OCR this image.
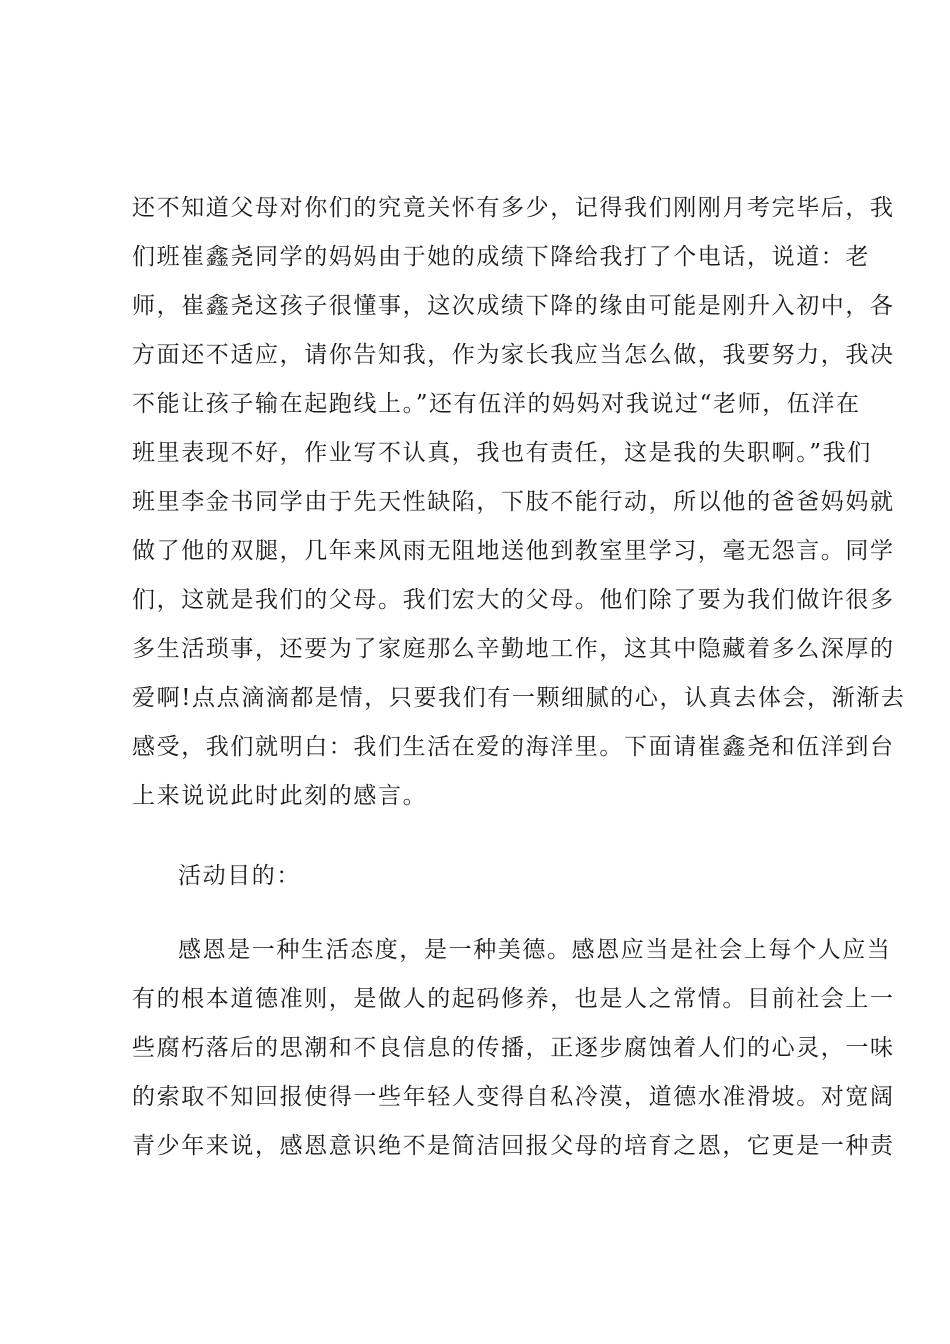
还不知道父母对你们的究竟关怀有多少，记得我们刚刚月考完毕后，我
们班崔鑫尧同学的妈妈由于她的成绩下降给我打了个电话，说道：老
师，崔鑫尧这孩子很懂事，这次成绩下降的缘由可能是刚升入初中，各
方面还不适应，请你告知我，作为家长我应当怎么做，我要努力，我决
不能让孩子输在起跑线上。”还有伍洋的妈妈对我说过“老师，伍洋在
班里表现不好，作业写不认真，我也有责任，这是我的失职啊。”我们
班里李金书同学由于先天性缺陷，下肢不能行动，所以他的爸爸妈妈就
做了他的双腿，几年来风雨无阻地送他到教室里学习，毫无怨言。同学
们，这就是我们的父母。我们宏大的父母。他们除了要为我们做许很多
多生活琐事，还要为了家庭那么辛勤地工作，这其中隐藏着多么深厚的
爱啊!点点滴滴都是情，只要我们有一颗细腻的心，认真去体会，渐渐去
感受，我们就明白：我们生活在爱的海洋里。下面请崔鑫尧和伍洋到台
上来说说此时此刻的感言。
活动目的：
感恩是一种生活态度，是一种美德。感恩应当是社会上每个人应当
有的根本道德准则，是做人的起码修养，也是人之常情。目前社会上一
些腐朽落后的思潮和不良信息的传播，正逐步腐蚀着人们的心灵，一味
的索取不知回报使得一些年轻人变得自私冷漠，道德水准滑坡。对宽阔
青少年来说，感恩意识绝不是简洁回报父母的培育之恩，它更是一种责
